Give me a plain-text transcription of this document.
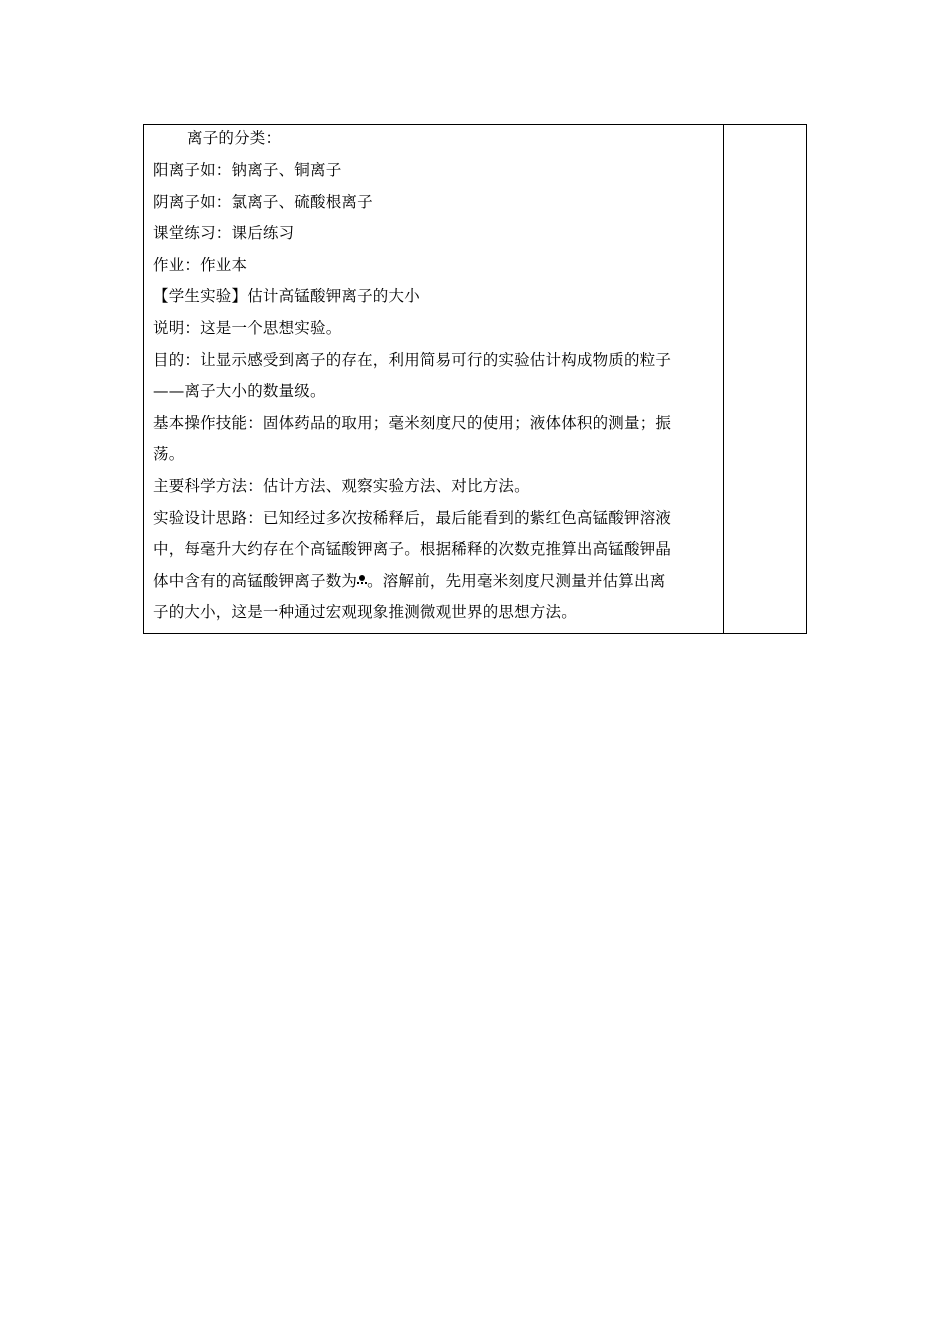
离子的分类：
阳离子如：钠离子、铜离子
阴离子如：氯离子、硫酸根离子
课堂练习：课后练习
作业：作业本
【学生实验】估计高锰酸钾离子的大小
说明：这是一个思想实验。
目的：让显示感受到离子的存在，利用简易可行的实验估计构成物质的粒子
——离子大小的数量级。
基本操作技能：固体药品的取用；毫米刻度尺的使用；液体体积的测量；振
荡。
主要科学方法：估计方法、观察实验方法、对比方法。
实验设计思路：已知经过多次按稀释后，最后能看到的紫红色高锰酸钾溶液
中，每毫升大约存在个高锰酸钾离子。根据稀释的次数克推算出高锰酸钾晶
体中含有的高锰酸钾离子数为 。溶解前，先用毫米刻度尺测量并估算出离
子的大小，这是一种通过宏观现象推测微观世界的思想方法。
